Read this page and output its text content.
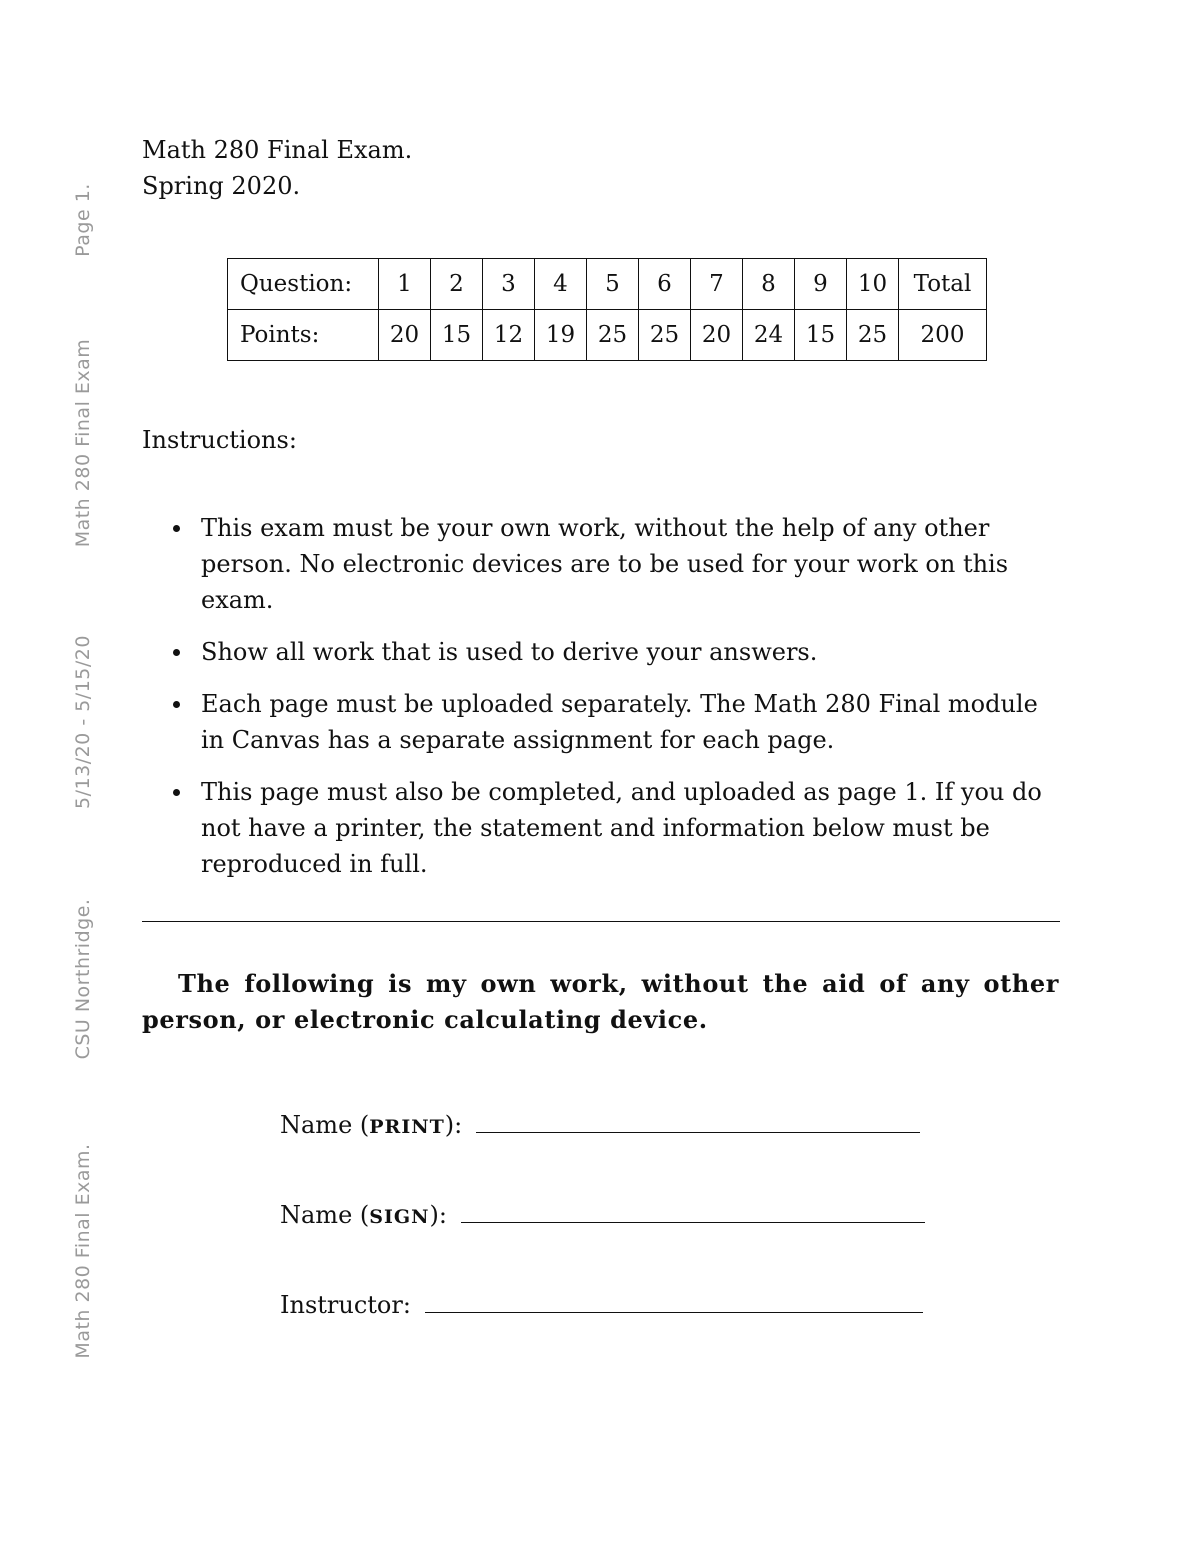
Page 1.
Math 280 Final Exam
5/13/20 - 5/15/20
CSU Northridge.
Math 280 Final Exam.
Math 280 Final Exam.
Spring 2020.
Question:	1	2	3	4	5	6	7	8	9	10	Total
Points:	20	15	12	19	25	25	20	24	15	25	200
Instructions:
This exam must be your own work, without the help of any other person. No electronic devices are to be used for your work on this exam.
Show all work that is used to derive your answers.
Each page must be uploaded separately. The Math 280 Final module in Canvas has a separate assignment for each page.
This page must also be completed, and uploaded as page 1. If you do not have a printer, the statement and information below must be reproduced in full.
The following is my own work, without the aid of any other person, or electronic calculating device.
Name ( PRINT ):
Name ( SIGN ):
Instructor:
